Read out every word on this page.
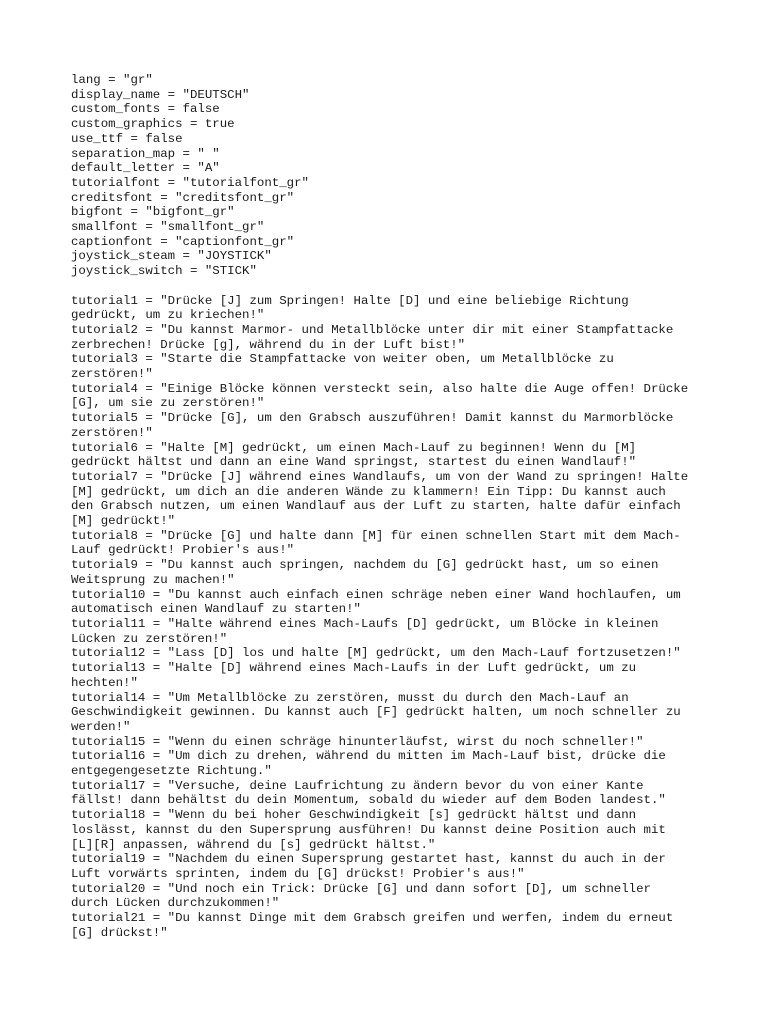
lang = "gr"

display_name = "DEUTSCH"

custom_fonts = false

custom_graphics = true

use_ttf = false

separation_map = " "

default_letter = "A"

tutorialfont = "tutorialfont_gr"

creditsfont = "creditsfont_gr"

bigfont = "bigfont_gr"

smallfont = "smallfont_gr"

captionfont = "captionfont_gr"

joystick_steam = "JOYSTICK"

joystick_switch = "STICK"

tutorial1 = "Drücke [J] zum Springen! Halte [D] und eine beliebige Richtung

gedrückt, um zu kriechen!"

tutorial2 = "Du kannst Marmor- und Metallblöcke unter dir mit einer Stampfattacke

zerbrechen! Drücke [g], während du in der Luft bist!"

tutorial3 = "Starte die Stampfattacke von weiter oben, um Metallblöcke zu

zerstören!"

tutorial4 = "Einige Blöcke können versteckt sein, also halte die Auge offen! Drücke

[G], um sie zu zerstören!"

tutorial5 = "Drücke [G], um den Grabsch auszuführen! Damit kannst du Marmorblöcke

zerstören!"

tutorial6 = "Halte [M] gedrückt, um einen Mach-Lauf zu beginnen! Wenn du [M]

gedrückt hältst und dann an eine Wand springst, startest du einen Wandlauf!"

tutorial7 = "Drücke [J] während eines Wandlaufs, um von der Wand zu springen! Halte

[M] gedrückt, um dich an die anderen Wände zu klammern! Ein Tipp: Du kannst auch

den Grabsch nutzen, um einen Wandlauf aus der Luft zu starten, halte dafür einfach

[M] gedrückt!"

tutorial8 = "Drücke [G] und halte dann [M] für einen schnellen Start mit dem Mach-

Lauf gedrückt! Probier's aus!"

tutorial9 = "Du kannst auch springen, nachdem du [G] gedrückt hast, um so einen

Weitsprung zu machen!"

tutorial10 = "Du kannst auch einfach einen schräge neben einer Wand hochlaufen, um

automatisch einen Wandlauf zu starten!"

tutorial11 = "Halte während eines Mach-Laufs [D] gedrückt, um Blöcke in kleinen

Lücken zu zerstören!"

tutorial12 = "Lass [D] los und halte [M] gedrückt, um den Mach-Lauf fortzusetzen!"

tutorial13 = "Halte [D] während eines Mach-Laufs in der Luft gedrückt, um zu

hechten!"

tutorial14 = "Um Metallblöcke zu zerstören, musst du durch den Mach-Lauf an

Geschwindigkeit gewinnen. Du kannst auch [F] gedrückt halten, um noch schneller zu

werden!"

tutorial15 = "Wenn du einen schräge hinunterläufst, wirst du noch schneller!"

tutorial16 = "Um dich zu drehen, während du mitten im Mach-Lauf bist, drücke die

entgegengesetzte Richtung."

tutorial17 = "Versuche, deine Laufrichtung zu ändern bevor du von einer Kante

fällst! dann behältst du dein Momentum, sobald du wieder auf dem Boden landest."

tutorial18 = "Wenn du bei hoher Geschwindigkeit [s] gedrückt hältst und dann

loslässt, kannst du den Supersprung ausführen! Du kannst deine Position auch mit

[L][R] anpassen, während du [s] gedrückt hältst."

tutorial19 = "Nachdem du einen Supersprung gestartet hast, kannst du auch in der

Luft vorwärts sprinten, indem du [G] drückst! Probier's aus!"

tutorial20 = "Und noch ein Trick: Drücke [G] und dann sofort [D], um schneller

durch Lücken durchzukommen!"

tutorial21 = "Du kannst Dinge mit dem Grabsch greifen und werfen, indem du erneut

[G] drückst!"
